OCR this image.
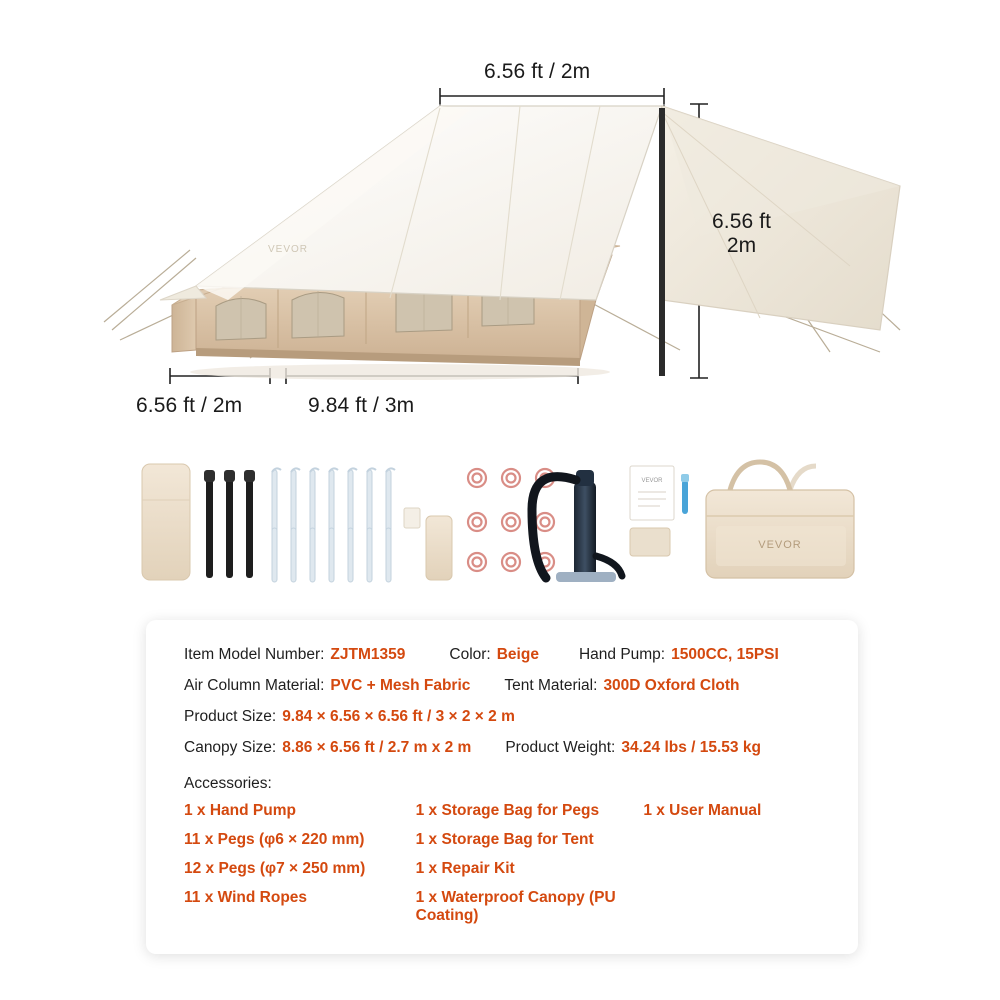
VEVOR
VEVOR
VEVOR
6.56 ft / 2m
6.56 ft
2m
6.56 ft / 2m	9.84 ft / 3m
Item Model Number: ZJTM1359	Color: Beige	Hand Pump: 1500CC, 15PSI
Air Column Material: PVC + Mesh Fabric Tent Material: 300D Oxford Cloth
Product Size: 9.84 × 6.56 × 6.56 ft / 3 × 2 × 2 m
Canopy Size: 8.86 × 6.56 ft / 2.7 m x 2 m Product Weight: 34.24 lbs / 15.53 kg
Accessories:
1 x Hand Pump	1 x Storage Bag for Pegs	1 x User Manual
11 x Pegs (φ6 × 220 mm)	1 x Storage Bag for Tent
12 x Pegs (φ7 × 250 mm)	1 x Repair Kit
11 x Wind Ropes	1 x Waterproof Canopy (PU Coating)
